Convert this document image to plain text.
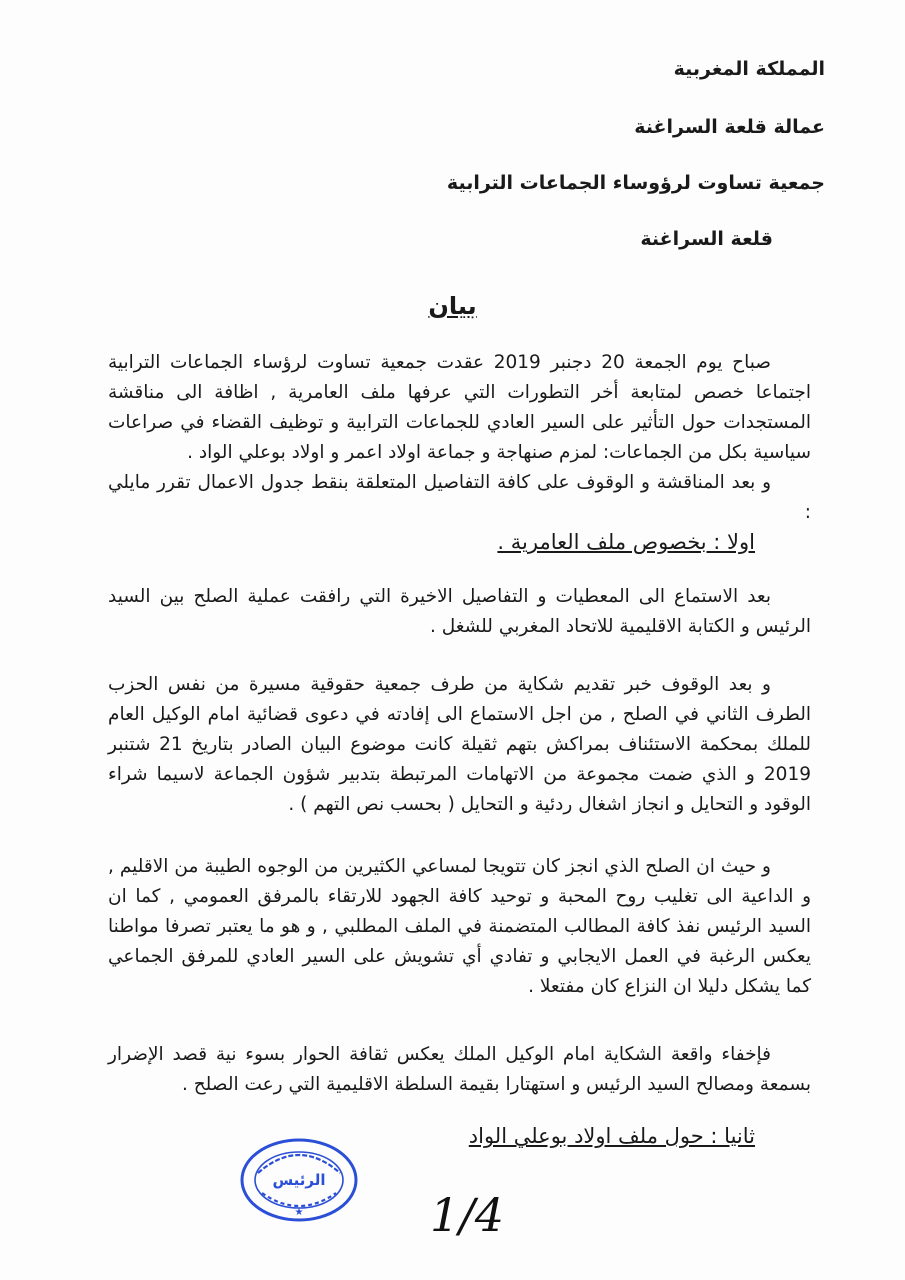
المملكة المغربية
عمالة قلعة السراغنة
جمعية تساوت لرؤوساء الجماعات الترابية
قلعة السراغنة
بيان

صباح يوم الجمعة 20 دجنبر 2019 عقدت جمعية تساوت لرؤساء الجماعات الترابية اجتماعا خصص لمتابعة أخر التطورات التي عرفها ملف العامرية , اظافة الى مناقشة المستجدات حول التأثير على السير العادي للجماعات الترابية و توظيف القضاء في صراعات سياسية بكل من الجماعات: لمزم صنهاجة و جماعة اولاد اعمر و اولاد بوعلي الواد .

و بعد المناقشة و الوقوف على كافة التفاصيل المتعلقة بنقط جدول الاعمال تقرر مايلي :

اولا : بخصوص ملف العامرية .

بعد الاستماع الى المعطيات و التفاصيل الاخيرة التي رافقت عملية الصلح بين السيد الرئيس و الكتابة الاقليمية للاتحاد المغربي للشغل .

و بعد الوقوف خبر تقديم شكاية من طرف جمعية حقوقية مسيرة من نفس الحزب الطرف الثاني في الصلح , من اجل الاستماع الى إفادته في دعوى قضائية امام الوكيل العام للملك بمحكمة الاستئناف بمراكش بتهم ثقيلة كانت موضوع البيان الصادر بتاريخ 21 شتنبر 2019 و الذي ضمت مجموعة من الاتهامات المرتبطة بتدبير شؤون الجماعة لاسيما شراء الوقود و التحايل و انجاز اشغال ردئية و التحايل ( بحسب نص التهم ) .

و حيث ان الصلح الذي انجز كان تتويجا لمساعي الكثيرين من الوجوه الطيبة من الاقليم , و الداعية الى تغليب روح المحبة و توحيد كافة الجهود للارتقاء بالمرفق العمومي , كما ان السيد الرئيس نفذ كافة المطالب المتضمنة في الملف المطلبي , و هو ما يعتبر تصرفا مواطنا يعكس الرغبة في العمل الايجابي و تفادي أي تشويش على السير العادي للمرفق الجماعي كما يشكل دليلا ان النزاع كان مفتعلا .

فإخفاء واقعة الشكاية امام الوكيل الملك يعكس ثقافة الحوار بسوء نية قصد الإضرار بسمعة ومصالح السيد الرئيس و استهتارا بقيمة السلطة الاقليمية التي رعت الصلح .

ثانيا : حول ملف اولاد بوعلي الواد
الرئيس
★	1/4
